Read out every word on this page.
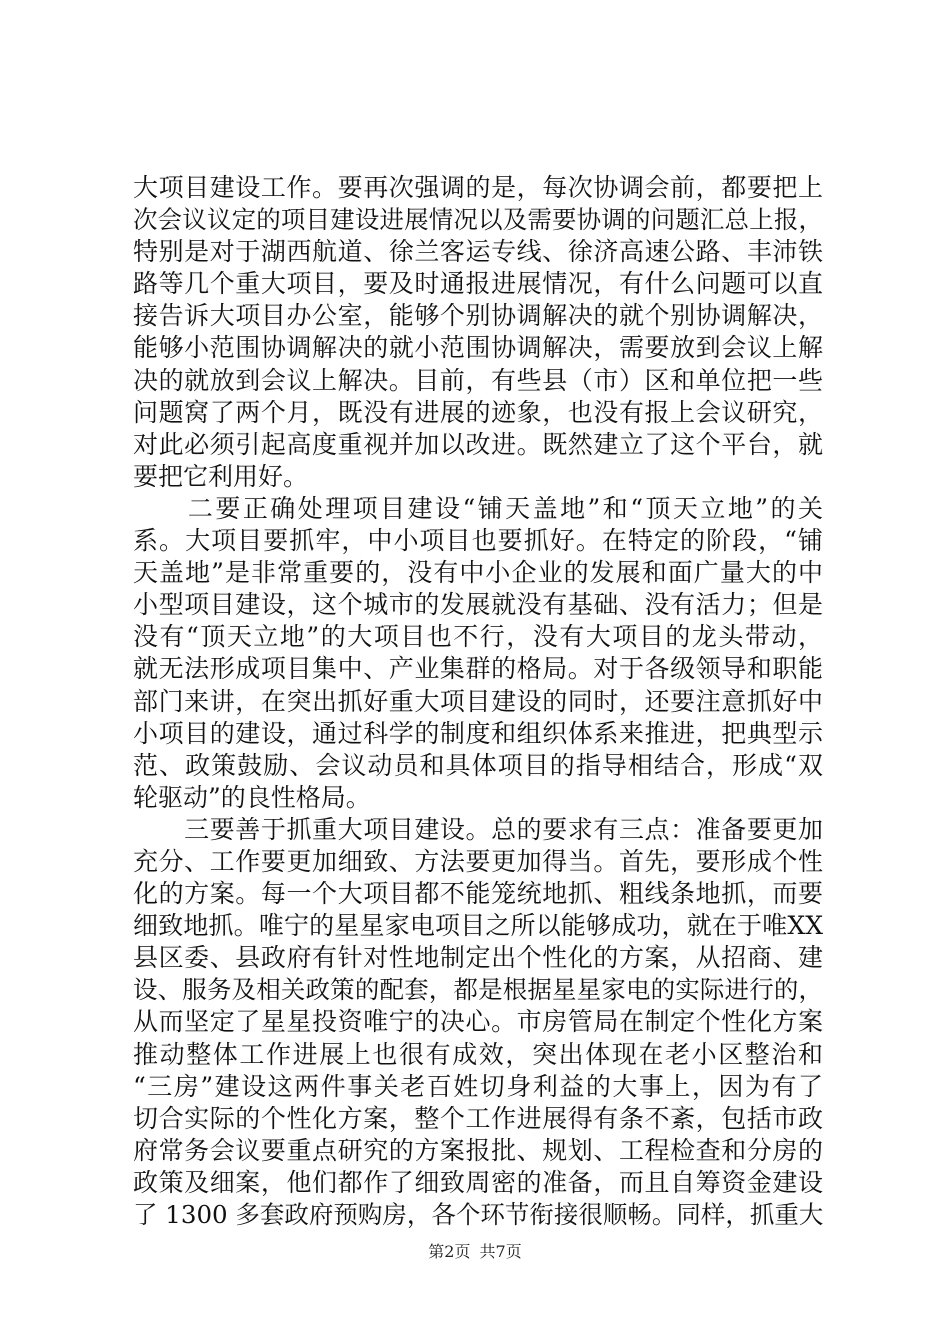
大项目建设工作。要再次强调的是，每次协调会前，都要把上
次会议议定的项目建设进展情况以及需要协调的问题汇总上报，
特别是对于湖西航道、徐兰客运专线、徐济高速公路、丰沛铁
路等几个重大项目，要及时通报进展情况，有什么问题可以直
接告诉大项目办公室，能够个别协调解决的就个别协调解决，
能够小范围协调解决的就小范围协调解决，需要放到会议上解
决的就放到会议上解决。目前，有些县（市）区和单位把一些
问题窝了两个月，既没有进展的迹象，也没有报上会议研究，
对此必须引起高度重视并加以改进。既然建立了这个平台，就
要把它利用好。
　　二要正确处理项目建设“铺天盖地”和“顶天立地”的关
系。大项目要抓牢，中小项目也要抓好。在特定的阶段，“铺
天盖地”是非常重要的，没有中小企业的发展和面广量大的中
小型项目建设，这个城市的发展就没有基础、没有活力；但是
没有“顶天立地”的大项目也不行，没有大项目的龙头带动，
就无法形成项目集中、产业集群的格局。对于各级领导和职能
部门来讲，在突出抓好重大项目建设的同时，还要注意抓好中
小项目的建设，通过科学的制度和组织体系来推进，把典型示
范、政策鼓励、会议动员和具体项目的指导相结合，形成“双
轮驱动”的良性格局。
　　三要善于抓重大项目建设。总的要求有三点：准备要更加
充分、工作要更加细致、方法要更加得当。首先，要形成个性
化的方案。每一个大项目都不能笼统地抓、粗线条地抓，而要
细致地抓。唯宁的星星家电项目之所以能够成功，就在于唯XX
县区委、县政府有针对性地制定出个性化的方案，从招商、建
设、服务及相关政策的配套，都是根据星星家电的实际进行的，
从而坚定了星星投资唯宁的决心。市房管局在制定个性化方案
推动整体工作进展上也很有成效，突出体现在老小区整治和
“三房”建设这两件事关老百姓切身利益的大事上，因为有了
切合实际的个性化方案，整个工作进展得有条不紊，包括市政
府常务会议要重点研究的方案报批、规划、工程检查和分房的
政策及细案，他们都作了细致周密的准备，而且自筹资金建设
了 1300 多套政府预购房，各个环节衔接很顺畅。同样，抓重大
第2页 共7页
